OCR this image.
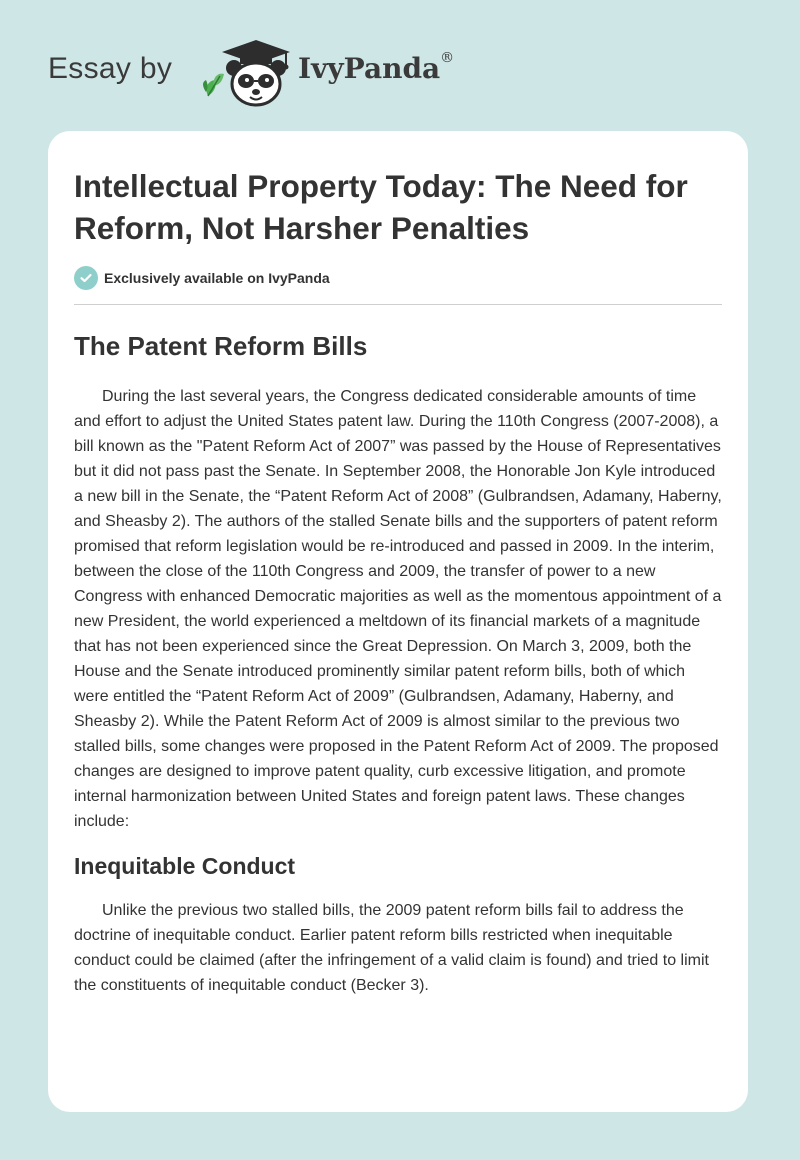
Essay by	IvyPanda®
Intellectual Property Today: The Need for Reform, Not Harsher Penalties
Exclusively available on IvyPanda
The Patent Reform Bills

During the last several years, the Congress dedicated considerable amounts of time and effort to adjust the United States patent law. During the 110th Congress (2007-2008), a bill known as the "Patent Reform Act of 2007” was passed by the House of Representatives but it did not pass past the Senate. In September 2008, the Honorable Jon Kyle introduced a new bill in the Senate, the “Patent Reform Act of 2008” (Gulbrandsen, Adamany, Haberny, and Sheasby 2). The authors of the stalled Senate bills and the supporters of patent reform promised that reform legislation would be re-introduced and passed in 2009. In the interim, between the close of the 110th Congress and 2009, the transfer of power to a new Congress with enhanced Democratic majorities as well as the momentous appointment of a new President, the world experienced a meltdown of its financial markets of a magnitude that has not been experienced since the Great Depression. On March 3, 2009, both the House and the Senate introduced prominently similar patent reform bills, both of which were entitled the “Patent Reform Act of 2009” (Gulbrandsen, Adamany, Haberny, and Sheasby 2). While the Patent Reform Act of 2009 is almost similar to the previous two stalled bills, some changes were proposed in the Patent Reform Act of 2009. The proposed changes are designed to improve patent quality, curb excessive litigation, and promote internal harmonization between United States and foreign patent laws. These changes include:

Inequitable Conduct

Unlike the previous two stalled bills, the 2009 patent reform bills fail to address the doctrine of inequitable conduct. Earlier patent reform bills restricted when inequitable conduct could be claimed (after the infringement of a valid claim is found) and tried to limit the constituents of inequitable conduct (Becker 3).
